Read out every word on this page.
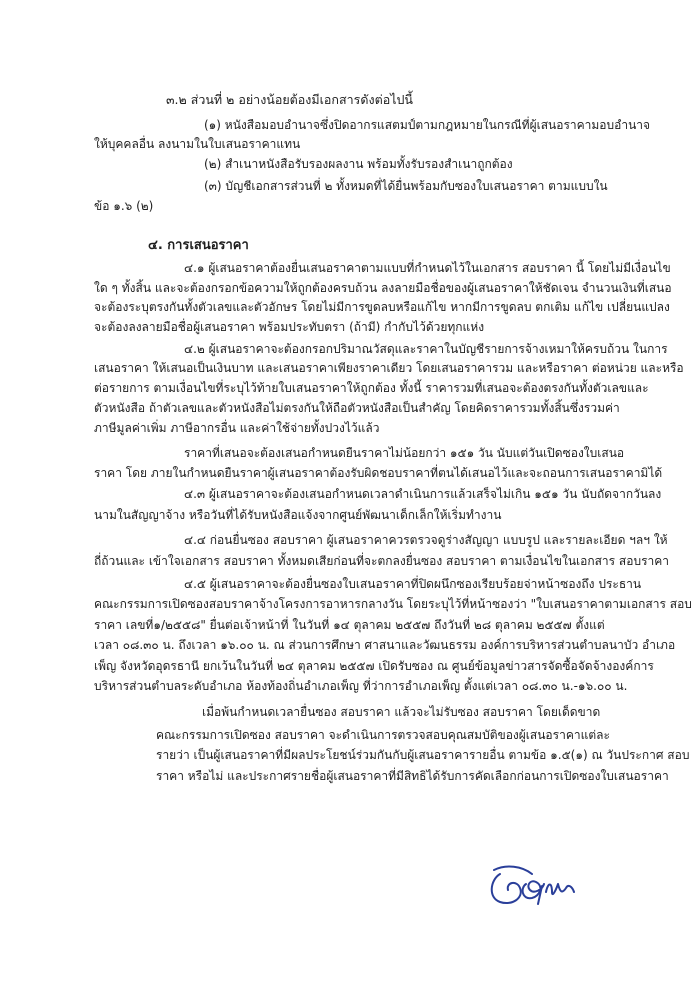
๓.๒ ส่วนที่ ๒ อย่างน้อยต้องมีเอกสารดังต่อไปนี้

(๑) หนังสือมอบอำนาจซึ่งปิดอากรแสตมป์ตามกฎหมายในกรณีที่ผู้เสนอราคามอบอำนาจ

ให้บุคคลอื่น ลงนามในใบเสนอราคาแทน

(๒) สำเนาหนังสือรับรองผลงาน พร้อมทั้งรับรองสำเนาถูกต้อง

(๓) บัญชีเอกสารส่วนที่ ๒ ทั้งหมดที่ได้ยื่นพร้อมกับซองใบเสนอราคา ตามแบบใน

ข้อ ๑.๖ (๒)

๔. การเสนอราคา

๔.๑ ผู้เสนอราคาต้องยื่นเสนอราคาตามแบบที่กำหนดไว้ในเอกสาร สอบราคา นี้ โดยไม่มีเงื่อนไข

ใด ๆ ทั้งสิ้น และจะต้องกรอกข้อความให้ถูกต้องครบถ้วน ลงลายมือชื่อของผู้เสนอราคาให้ชัดเจน จำนวนเงินที่เสนอ

จะต้องระบุตรงกันทั้งตัวเลขและตัวอักษร โดยไม่มีการขูดลบหรือแก้ไข หากมีการขูดลบ ตกเติม แก้ไข เปลี่ยนแปลง

จะต้องลงลายมือชื่อผู้เสนอราคา พร้อมประทับตรา (ถ้ามี) กำกับไว้ด้วยทุกแห่ง

๔.๒ ผู้เสนอราคาจะต้องกรอกปริมาณวัสดุและราคาในบัญชีรายการจ้างเหมาให้ครบถ้วน ในการ

เสนอราคา ให้เสนอเป็นเงินบาท และเสนอราคาเพียงราคาเดียว โดยเสนอราคารวม และหรือราคา ต่อหน่วย และหรือ

ต่อรายการ ตามเงื่อนไขที่ระบุไว้ท้ายใบเสนอราคาให้ถูกต้อง ทั้งนี้ ราคารวมที่เสนอจะต้องตรงกันทั้งตัวเลขและ

ตัวหนังสือ ถ้าตัวเลขและตัวหนังสือไม่ตรงกันให้ถือตัวหนังสือเป็นสำคัญ โดยคิดราคารวมทั้งสิ้นซึ่งรวมค่า

ภาษีมูลค่าเพิ่ม ภาษีอากรอื่น และค่าใช้จ่ายทั้งปวงไว้แล้ว

ราคาที่เสนอจะต้องเสนอกำหนดยืนราคาไม่น้อยกว่า ๑๕๑ วัน นับแต่วันเปิดซองใบเสนอ

ราคา โดย ภายในกำหนดยืนราคาผู้เสนอราคาต้องรับผิดชอบราคาที่ตนได้เสนอไว้และจะถอนการเสนอราคามิได้

๔.๓ ผู้เสนอราคาจะต้องเสนอกำหนดเวลาดำเนินการแล้วเสร็จไม่เกิน ๑๕๑ วัน นับถัดจากวันลง

นามในสัญญาจ้าง หรือวันที่ได้รับหนังสือแจ้งจากศูนย์พัฒนาเด็กเล็กให้เริ่มทำงาน

๔.๔ ก่อนยื่นซอง สอบราคา ผู้เสนอราคาควรตรวจดูร่างสัญญา แบบรูป และรายละเอียด ฯลฯ ให้

ถี่ถ้วนและ เข้าใจเอกสาร สอบราคา ทั้งหมดเสียก่อนที่จะตกลงยื่นซอง สอบราคา ตามเงื่อนไขในเอกสาร สอบราคา

๔.๕ ผู้เสนอราคาจะต้องยื่นซองใบเสนอราคาที่ปิดผนึกซองเรียบร้อยจ่าหน้าซองถึง ประธาน

คณะกรรมการเปิดซองสอบราคาจ้างโครงการอาหารกลางวัน โดยระบุไว้ที่หน้าซองว่า "ใบเสนอราคาตามเอกสาร สอบ

ราคา เลขที่๑/๒๕๕๘" ยื่นต่อเจ้าหน้าที่ ในวันที่ ๑๔ ตุลาคม ๒๕๕๗ ถึงวันที่ ๒๘ ตุลาคม ๒๕๕๗ ตั้งแต่

เวลา ๐๘.๓๐ น. ถึงเวลา ๑๖.๐๐ น. ณ ส่วนการศึกษา ศาสนาและวัฒนธรรม องค์การบริหารส่วนตำบลนาบัว อำเภอ

เพ็ญ จังหวัดอุดรธานี ยกเว้นในวันที่ ๒๔ ตุลาคม ๒๕๕๗ เปิดรับซอง ณ ศูนย์ข้อมูลข่าวสารจัดซื้อจัดจ้างองค์การ

บริหารส่วนตำบลระดับอำเภอ ห้องท้องถิ่นอำเภอเพ็ญ ที่ว่าการอำเภอเพ็ญ ตั้งแต่เวลา ๐๘.๓๐ น.-๑๖.๐๐ น.

เมื่อพ้นกำหนดเวลายื่นซอง สอบราคา แล้วจะไม่รับซอง สอบราคา โดยเด็ดขาด

คณะกรรมการเปิดซอง สอบราคา จะดำเนินการตรวจสอบคุณสมบัติของผู้เสนอราคาแต่ละ

รายว่า เป็นผู้เสนอราคาที่มีผลประโยชน์ร่วมกันกับผู้เสนอราคารายอื่น ตามข้อ ๑.๕(๑) ณ วันประกาศ สอบ

ราคา หรือไม่ และประกาศรายชื่อผู้เสนอราคาที่มีสิทธิได้รับการคัดเลือกก่อนการเปิดซองใบเสนอราคา
